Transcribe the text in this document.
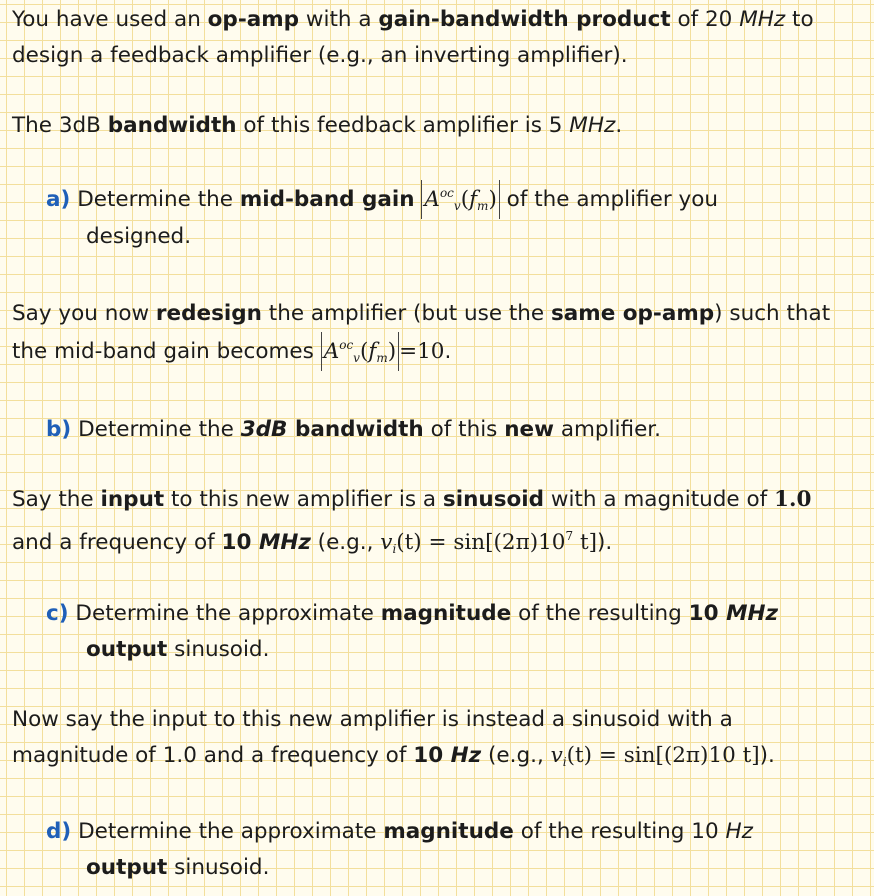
You have used an op-amp with a gain-bandwidth product of 20 MHz to
design a feedback amplifier (e.g., an inverting amplifier).
The 3dB bandwidth of this feedback amplifier is 5 MHz.
a) Determine the mid-band gain $A^{oc}_v(f_m)$ of the amplifier you
designed.
Say you now redesign the amplifier (but use the same op-amp) such that
the mid-band gain becomes $A^{oc}_v(f_m) =10$.
b) Determine the 3dB bandwidth of this new amplifier.
Say the input to this new amplifier is a sinusoid with a magnitude of 1.0
and a frequency of 10 MHz (e.g., $v_i(t) = \sin[(2\pi)10^7$ t]).
c) Determine the approximate magnitude of the resulting 10 MHz
output sinusoid.
Now say the input to this new amplifier is instead a sinusoid with a
magnitude of 1.0 and a frequency of 10 Hz (e.g., $v_i(t) = \sin[(2\pi)10$ t]).
d) Determine the approximate magnitude of the resulting 10 Hz
output sinusoid.
